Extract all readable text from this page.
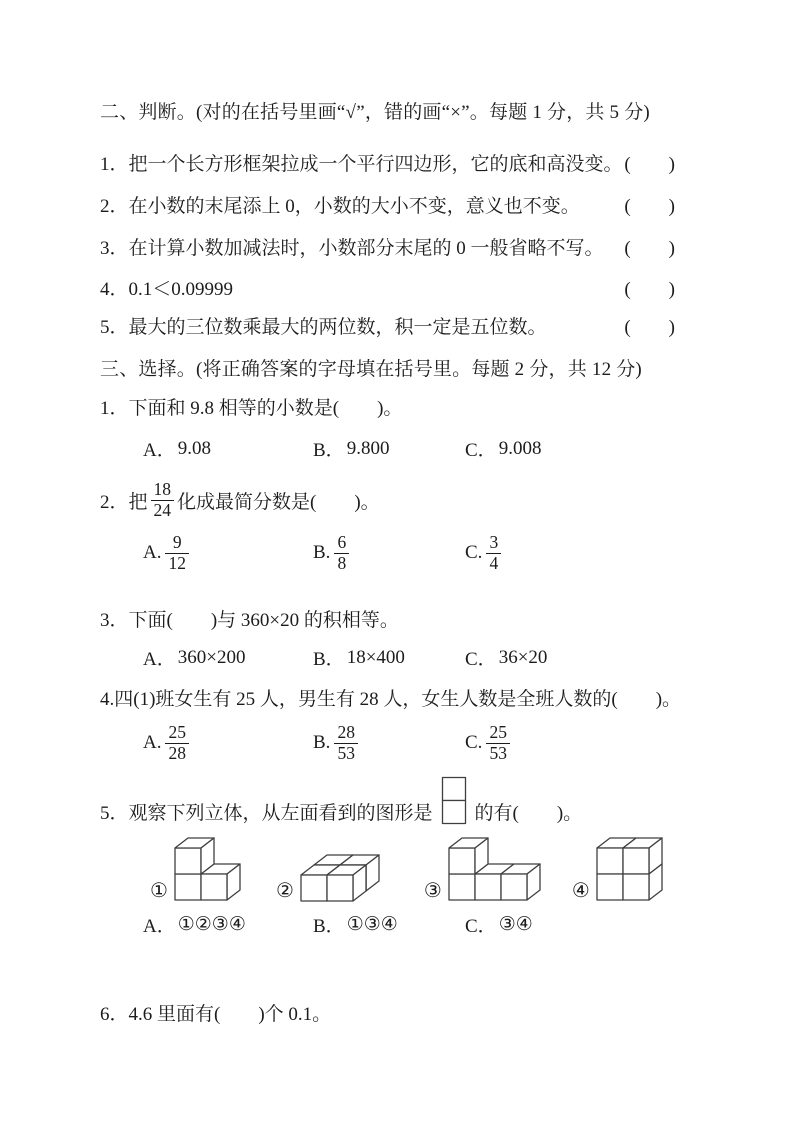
二、判断。(对的在括号里画“√”，错的画“×”。每题 1 分，共 5 分)
1．把一个长方形框架拉成一个平行四边形，它的底和高没变。 (　　)
2．在小数的末尾添上 0，小数的大小不变，意义也不变。 (　　)
3．在计算小数加减法时，小数部分末尾的 0 一般省略不写。 (　　)
4．0.1＜0.09999	(　　)
5．最大的三位数乘最大的两位数，积一定是五位数。	(　　)
三、选择。(将正确答案的字母填在括号里。每题 2 分，共 12 分)
1．下面和 9.8 相等的小数是(　　)。
A． 9.08	B． 9.800	C． 9.008
2．把 $\frac{18}{24}$ 化成最简分数是(　　)。
A. $\frac{9}{12}$	B. $\frac{6}{8}$	C. $\frac{3}{4}$
3．下面(　　)与 360×20 的积相等。
A． 360×200	B． 18×400	C． 36×20
4.四(1)班女生有 25 人，男生有 28 人，女生人数是全班人数的(　　)。
A. $\frac{25}{28}$	B. $\frac{28}{53}$	C. $\frac{25}{53}$
5．观察下列立体，从左面看到的图形是 的有(　　)。
①	②	③	④
A． ①②③④	B． ①③④	C． ③④
6．4.6 里面有(　　)个 0.1。
